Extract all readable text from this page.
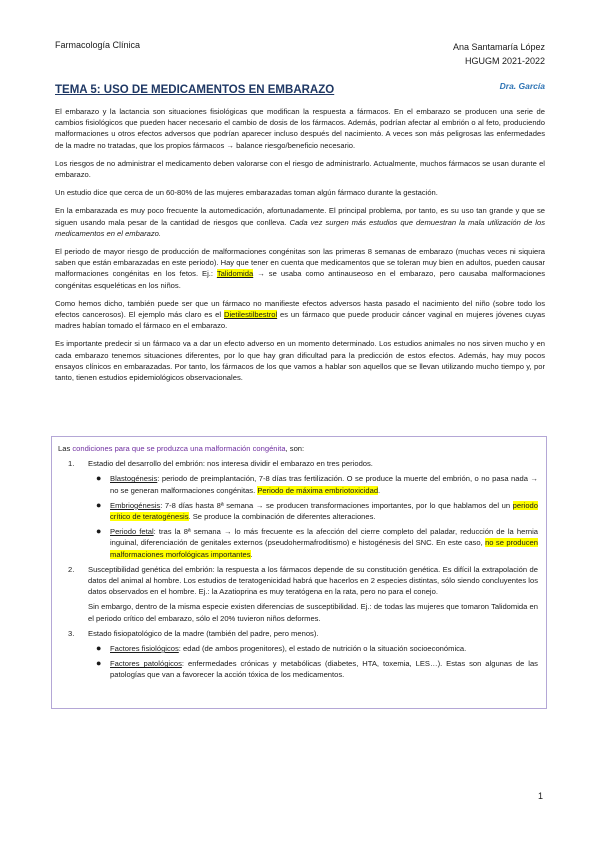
Farmacología Clínica	Ana Santamaría López
HGUGM 2021-2022
TEMA 5: USO DE MEDICAMENTOS EN EMBARAZO	Dra. García

El embarazo y la lactancia son situaciones fisiológicas que modifican la respuesta a fármacos. En el embarazo se producen una serie de cambios fisiológicos que pueden hacer necesario el cambio de dosis de los fármacos. Además, podrían afectar al embrión o al feto, produciendo malformaciones u otros efectos adversos que podrían aparecer incluso después del nacimiento. A veces son más peligrosas las enfermedades de la madre no tratadas, que los propios fármacos → balance riesgo/beneficio necesario.

Los riesgos de no administrar el medicamento deben valorarse con el riesgo de administrarlo. Actualmente, muchos fármacos se usan durante el embarazo.

Un estudio dice que cerca de un 60-80% de las mujeres embarazadas toman algún fármaco durante la gestación.

En la embarazada es muy poco frecuente la automedicación, afortunadamente. El principal problema, por tanto, es su uso tan grande y que se siguen usando mala pesar de la cantidad de riesgos que conlleva. Cada vez surgen más estudios que demuestran la mala utilización de los medicamentos en el embarazo.

El periodo de mayor riesgo de producción de malformaciones congénitas son las primeras 8 semanas de embarazo (muchas veces ni siquiera saben que están embarazadas en este periodo). Hay que tener en cuenta que medicamentos que se toleran muy bien en adultos, pueden causar malformaciones congénitas en los fetos. Ej.: Talidomida → se usaba como antinauseoso en el embarazo, pero causaba malformaciones congénitas esqueléticas en los niños.

Como hemos dicho, también puede ser que un fármaco no manifieste efectos adversos hasta pasado el nacimiento del niño (sobre todo los efectos cancerosos). El ejemplo más claro es el Dietilestilbestrol es un fármaco que puede producir cáncer vaginal en mujeres jóvenes cuyas madres habían tomado el fármaco en el embarazo.

Es importante predecir si un fármaco va a dar un efecto adverso en un momento determinado. Los estudios animales no nos sirven mucho y en cada embarazo tenemos situaciones diferentes, por lo que hay gran dificultad para la predicción de estos efectos. Además, hay muy pocos ensayos clínicos en embarazadas. Por tanto, los fármacos de los que vamos a hablar son aquellos que se llevan utilizando mucho tiempo y, por tanto, tienen estudios epidemiológicos observacionales.

Las condiciones para que se produzca una malformación congénita, son:

1. Estadio del desarrollo del embrión: nos interesa dividir el embarazo en tres periodos.
● Blastogénesis: periodo de preimplantación, 7-8 días tras fertilización. O se produce la muerte del embrión, o no pasa nada → no se generan malformaciones congénitas. Periodo de máxima embriotoxicidad.
● Embriogénesis: 7-8 días hasta 8ª semana → se producen transformaciones importantes, por lo que hablamos del un periodo crítico de teratogénesis. Se produce la combinación de diferentes alteraciones.
● Periodo fetal: tras la 8ª semana → lo más frecuente es la afección del cierre completo del paladar, reducción de la hernia inguinal, diferenciación de genitales externos (pseudohermafroditismo) e histogénesis del SNC. En este caso, no se producen malformaciones morfológicas importantes.
2. Susceptibilidad genética del embrión: la respuesta a los fármacos depende de su constitución genética. Es difícil la extrapolación de datos del animal al hombre. Los estudios de teratogenicidad habrá que hacerlos en 2 especies distintas, sólo siendo concluyentes los datos observados en el hombre. Ej.: la Azatioprina es muy teratógena en la rata, pero no para el conejo.
Sin embargo, dentro de la misma especie existen diferencias de susceptibilidad. Ej.: de todas las mujeres que tomaron Talidomida en el periodo crítico del embarazo, sólo el 20% tuvieron niños deformes.
3. Estado fisiopatológico de la madre (también del padre, pero menos).
● Factores fisiológicos: edad (de ambos progenitores), el estado de nutrición o la situación socioeconómica.
● Factores patológicos: enfermedades crónicas y metabólicas (diabetes, HTA, toxemia, LES…). Estas son algunas de las patologías que van a favorecer la acción tóxica de los medicamentos.
1
